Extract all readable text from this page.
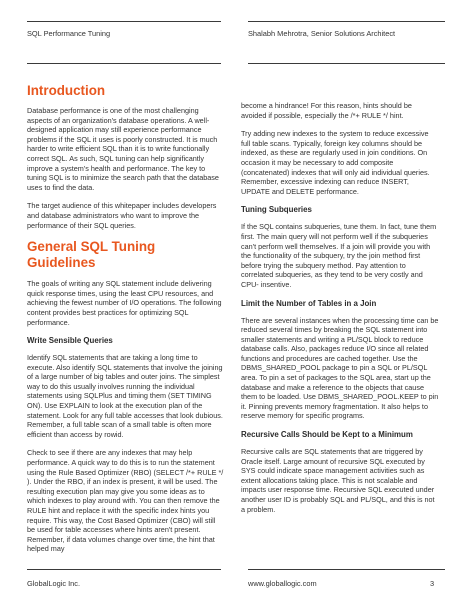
SQL Performance Tuning	Shalabh Mehrotra, Senior Solutions Architect
Introduction

Database performance is one of the most challenging aspects of an organization's database operations. A well-designed application may still experience performance problems if the SQL it uses is poorly constructed. It is much harder to write efficient SQL than it is to write functionally correct SQL. As such, SQL tuning can help significantly improve a system's health and performance. The key to tuning SQL is to minimize the search path that the database uses to find the data.

The target audience of this whitepaper includes developers and database administrators who want to improve the performance of their SQL queries.

General SQL Tuning Guidelines

The goals of writing any SQL statement include delivering quick response times, using the least CPU resources, and achieving the fewest number of I/O operations. The following content provides best practices for optimizing SQL performance.

Write Sensible Queries

Identify SQL statements that are taking a long time to execute. Also identify SQL statements that involve the joining of a large number of big tables and outer joins. The simplest way to do this usually involves running the individual statements using SQLPlus and timing them (SET TIMING ON). Use EXPLAIN to look at the execution plan of the statement. Look for any full table accesses that look dubious. Remember, a full table scan of a small table is often more efficient than access by rowid.

Check to see if there are any indexes that may help performance. A quick way to do this is to run the statement using the Rule Based Optimizer (RBO) (SELECT /*+ RULE */ ). Under the RBO, if an index is present, it will be used. The resulting execution plan may give you some ideas as to which indexes to play around with. You can then remove the RULE hint and replace it with the specific index hints you require. This way, the Cost Based Optimizer (CBO) will still be used for table accesses where hints aren't present. Remember, if data volumes change over time, the hint that helped may

become a hindrance! For this reason, hints should be avoided if possible, especially the /*+ RULE */ hint.

Try adding new indexes to the system to reduce excessive full table scans. Typically, foreign key columns should be indexed, as these are regularly used in join conditions. On occasion it may be necessary to add composite (concatenated) indexes that will only aid individual queries. Remember, excessive indexing can reduce INSERT, UPDATE and DELETE performance.

Tuning Subqueries

If the SQL contains subqueries, tune them. In fact, tune them first. The main query will not perform well if the subqueries can't perform well themselves. If a join will provide you with the functionality of the subquery, try the join method first before trying the subquery method. Pay attention to correlated subqueries, as they tend to be very costly and CPU- insentive.

Limit the Number of Tables in a Join

There are several instances when the processing time can be reduced several times by breaking the SQL statement into smaller statements and writing a PL/SQL block to reduce database calls. Also, packages reduce I/O since all related functions and procedures are cached together. Use the DBMS_SHARED_POOL package to pin a SQL or PL/SQL area. To pin a set of packages to the SQL area, start up the database and make a reference to the objects that cause them to be loaded. Use DBMS_SHARED_POOL.KEEP to pin it. Pinning prevents memory fragmentation. It also helps to reserve memory for specific programs.

Recursive Calls Should be Kept to a Minimum

Recursive calls are SQL statements that are triggered by Oracle itself. Large amount of recursive SQL executed by SYS could indicate space management activities such as extent allocations taking place. This is not scalable and impacts user response time. Recursive SQL executed under another user ID is probably SQL and PL/SQL, and this is not a problem.

GlobalLogic Inc.	www.globallogic.com	3
